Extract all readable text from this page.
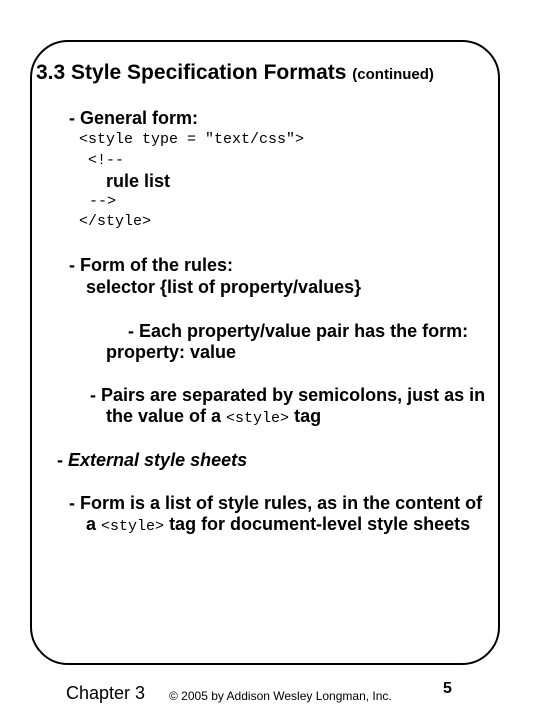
3.3 Style Specification Formats (continued)
- General form:
<style type = "text/css">
<!--
rule list
-->
</style>
- Form of the rules:
selector {list of property/values}
- Each property/value pair has the form:
property: value
- Pairs are separated by semicolons, just as in
the value of a <style> tag
- External style sheets
- Form is a list of style rules, as in the content of
a <style> tag for document-level style sheets
Chapter 3 © 2005 by Addison Wesley Longman, Inc.	5
